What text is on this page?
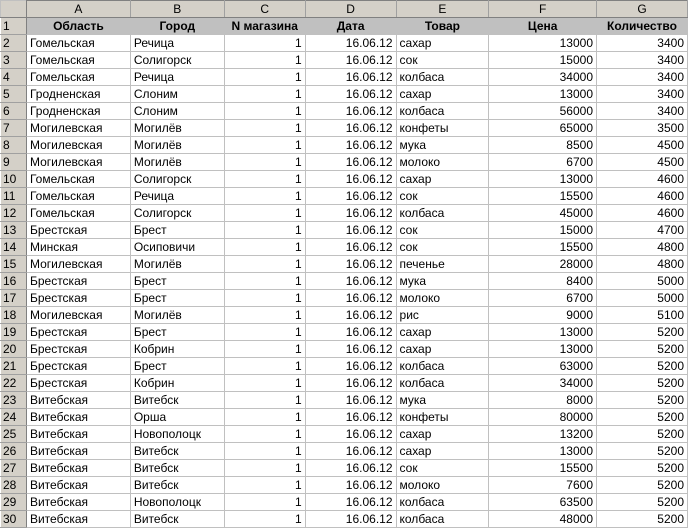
	A	B	C	D	E	F	G
1	Область	Город	N магазина	Дата	Товар	Цена	Количество
2	Гомельская	Речица	1	16.06.12	сахар	13000	3400
3	Гомельская	Солигорск	1	16.06.12	сок	15000	3400
4	Гомельская	Речица	1	16.06.12	колбаса	34000	3400
5	Гродненская	Слоним	1	16.06.12	сахар	13000	3400
6	Гродненская	Слоним	1	16.06.12	колбаса	56000	3400
7	Могилевская	Могилёв	1	16.06.12	конфеты	65000	3500
8	Могилевская	Могилёв	1	16.06.12	мука	8500	4500
9	Могилевская	Могилёв	1	16.06.12	молоко	6700	4500
10	Гомельская	Солигорск	1	16.06.12	сахар	13000	4600
11	Гомельская	Речица	1	16.06.12	сок	15500	4600
12	Гомельская	Солигорск	1	16.06.12	колбаса	45000	4600
13	Брестская	Брест	1	16.06.12	сок	15000	4700
14	Минская	Осиповичи	1	16.06.12	сок	15500	4800
15	Могилевская	Могилёв	1	16.06.12	печенье	28000	4800
16	Брестская	Брест	1	16.06.12	мука	8400	5000
17	Брестская	Брест	1	16.06.12	молоко	6700	5000
18	Могилевская	Могилёв	1	16.06.12	рис	9000	5100
19	Брестская	Брест	1	16.06.12	сахар	13000	5200
20	Брестская	Кобрин	1	16.06.12	сахар	13000	5200
21	Брестская	Брест	1	16.06.12	колбаса	63000	5200
22	Брестская	Кобрин	1	16.06.12	колбаса	34000	5200
23	Витебская	Витебск	1	16.06.12	мука	8000	5200
24	Витебская	Орша	1	16.06.12	конфеты	80000	5200
25	Витебская	Новополоцк	1	16.06.12	сахар	13200	5200
26	Витебская	Витебск	1	16.06.12	сахар	13000	5200
27	Витебская	Витебск	1	16.06.12	сок	15500	5200
28	Витебская	Витебск	1	16.06.12	молоко	7600	5200
29	Витебская	Новополоцк	1	16.06.12	колбаса	63500	5200
30	Витебская	Витебск	1	16.06.12	колбаса	48000	5200
